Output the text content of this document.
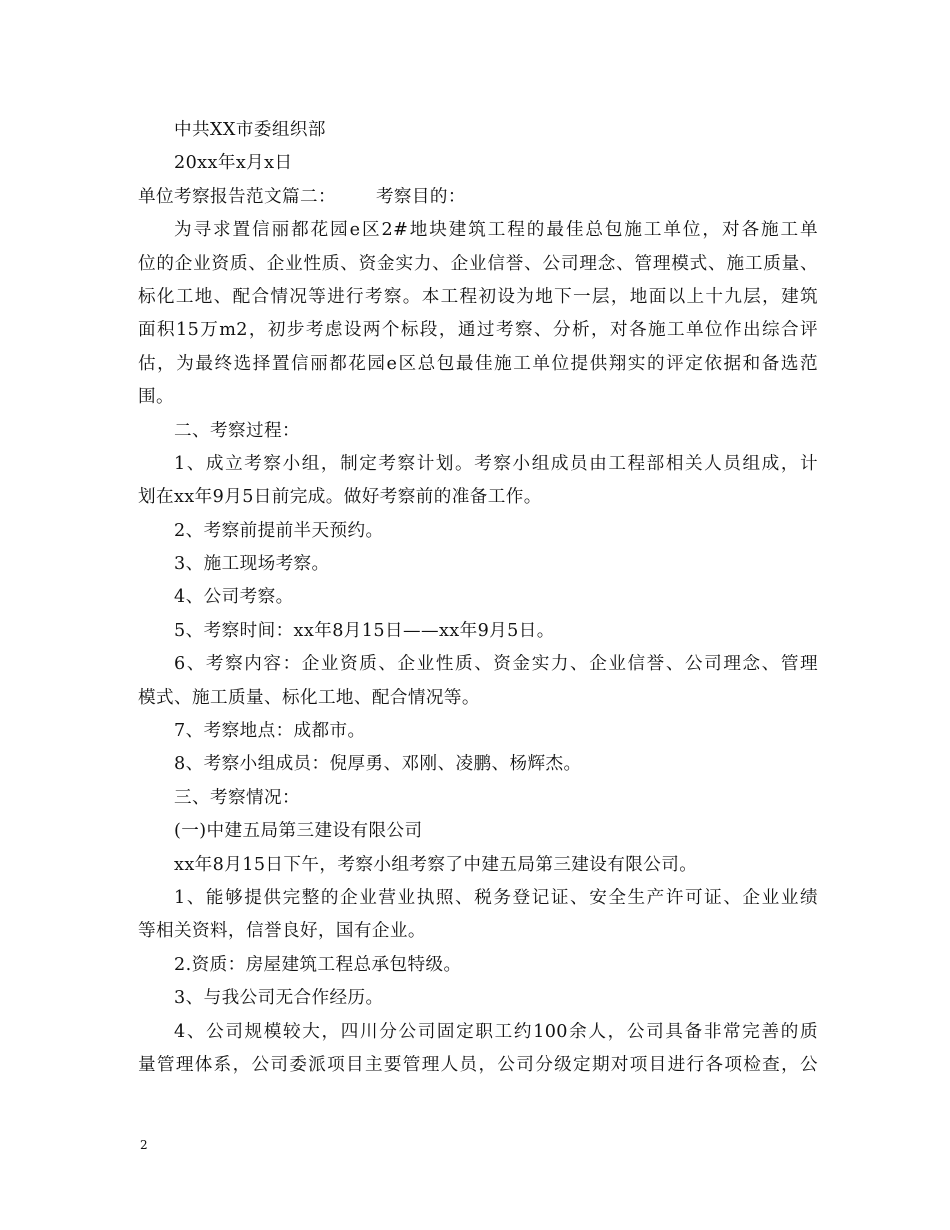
中共XX市委组织部
20xx年x月x日
单位考察报告范文篇二： 考察目的：
为寻求置信丽都花园e区2#地块建筑工程的最佳总包施工单位，对各施工单
位的企业资质、企业性质、资金实力、企业信誉、公司理念、管理模式、施工质量、
标化工地、配合情况等进行考察。本工程初设为地下一层，地面以上十九层，建筑
面积15万m2，初步考虑设两个标段，通过考察、分析，对各施工单位作出综合评
估，为最终选择置信丽都花园e区总包最佳施工单位提供翔实的评定依据和备选范
围。
二、考察过程：
1、成立考察小组，制定考察计划。考察小组成员由工程部相关人员组成，计
划在xx年9月5日前完成。做好考察前的准备工作。
2、考察前提前半天预约。
3、施工现场考察。
4、公司考察。
5、考察时间：xx年8月15日——xx年9月5日。
6、考察内容：企业资质、企业性质、资金实力、企业信誉、公司理念、管理
模式、施工质量、标化工地、配合情况等。
7、考察地点：成都市。
8、考察小组成员：倪厚勇、邓刚、凌鹏、杨辉杰。
三、考察情况：
(一)中建五局第三建设有限公司
xx年8月15日下午，考察小组考察了中建五局第三建设有限公司。
1、能够提供完整的企业营业执照、税务登记证、安全生产许可证、企业业绩
等相关资料，信誉良好，国有企业。
2.资质：房屋建筑工程总承包特级。
3、与我公司无合作经历。
4、公司规模较大，四川分公司固定职工约100余人，公司具备非常完善的质
量管理体系，公司委派项目主要管理人员，公司分级定期对项目进行各项检查，公
2
